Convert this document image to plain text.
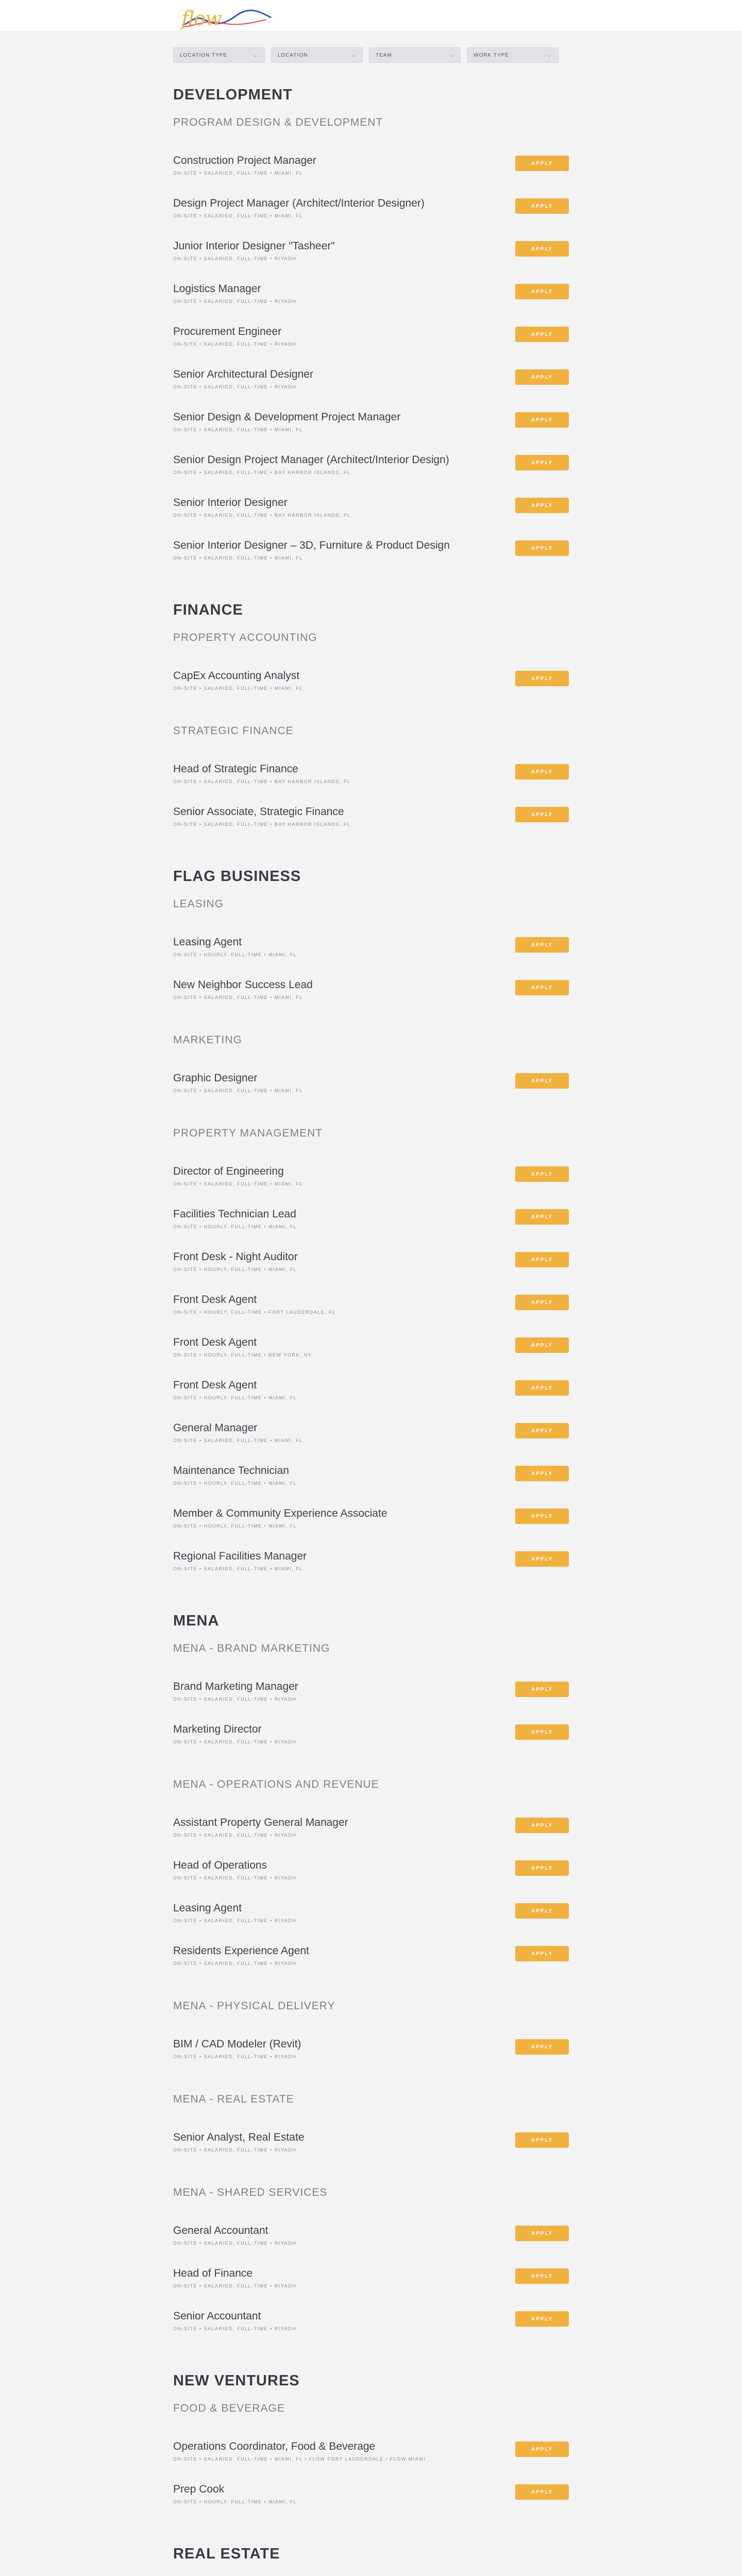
flow
LOCATION TYPE	⌄	LOCATION	⌄	TEAM	⌄	WORK TYPE	⌄
DEVELOPMENT
PROGRAM DESIGN & DEVELOPMENT
Construction Project Manager
ON-SITE • SALARIED, FULL-TIME • MIAMI, FL
APPLY
Design Project Manager (Architect/Interior Designer)
ON-SITE • SALARIED, FULL-TIME • MIAMI, FL
APPLY
Junior Interior Designer "Tasheer"
ON-SITE • SALARIED, FULL-TIME • RIYADH
APPLY
Logistics Manager
ON-SITE • SALARIED, FULL-TIME • RIYADH
APPLY
Procurement Engineer
ON-SITE • SALARIED, FULL-TIME • RIYADH
APPLY
Senior Architectural Designer
ON-SITE • SALARIED, FULL-TIME • RIYADH
APPLY
Senior Design & Development Project Manager
ON-SITE • SALARIED, FULL-TIME • MIAMI, FL
APPLY
Senior Design Project Manager (Architect/Interior Design)
ON-SITE • SALARIED, FULL-TIME • BAY HARBOR ISLANDS, FL
APPLY
Senior Interior Designer
ON-SITE • SALARIED, FULL-TIME • BAY HARBOR ISLANDS, FL
APPLY
Senior Interior Designer – 3D, Furniture & Product Design
ON-SITE • SALARIED, FULL-TIME • MIAMI, FL
APPLY
FINANCE
PROPERTY ACCOUNTING
CapEx Accounting Analyst
ON-SITE • SALARIED, FULL-TIME • MIAMI, FL
APPLY
STRATEGIC FINANCE
Head of Strategic Finance
ON-SITE • SALARIED, FULL-TIME • BAY HARBOR ISLANDS, FL
APPLY
Senior Associate, Strategic Finance
ON-SITE • SALARIED, FULL-TIME • BAY HARBOR ISLANDS, FL
APPLY
FLAG BUSINESS
LEASING
Leasing Agent
ON-SITE • HOURLY, FULL-TIME • MIAMI, FL
APPLY
New Neighbor Success Lead
ON-SITE • SALARIED, FULL-TIME • MIAMI, FL
APPLY
MARKETING
Graphic Designer
ON-SITE • SALARIED, FULL-TIME • MIAMI, FL
APPLY
PROPERTY MANAGEMENT
Director of Engineering
ON-SITE • SALARIED, FULL-TIME • MIAMI, FL
APPLY
Facilities Technician Lead
ON-SITE • HOURLY, FULL-TIME • MIAMI, FL
APPLY
Front Desk - Night Auditor
ON-SITE • HOURLY, FULL-TIME • MIAMI, FL
APPLY
Front Desk Agent
ON-SITE • HOURLY, FULL-TIME • FORT LAUDERDALE, FL
APPLY
Front Desk Agent
ON-SITE • HOURLY, FULL-TIME • NEW YORK, NY
APPLY
Front Desk Agent
ON-SITE • HOURLY, FULL-TIME • MIAMI, FL
APPLY
General Manager
ON-SITE • SALARIED, FULL-TIME • MIAMI, FL
APPLY
Maintenance Technician
ON-SITE • HOURLY, FULL-TIME • MIAMI, FL
APPLY
Member & Community Experience Associate
ON-SITE • HOURLY, FULL-TIME • MIAMI, FL
APPLY
Regional Facilities Manager
ON-SITE • SALARIED, FULL-TIME • MIAMI, FL
APPLY
MENA
MENA - BRAND MARKETING
Brand Marketing Manager
ON-SITE • SALARIED, FULL-TIME • RIYADH
APPLY
Marketing Director
ON-SITE • SALARIED, FULL-TIME • RIYADH
APPLY
MENA - OPERATIONS AND REVENUE
Assistant Property General Manager
ON-SITE • SALARIED, FULL-TIME • RIYADH
APPLY
Head of Operations
ON-SITE • SALARIED, FULL-TIME • RIYADH
APPLY
Leasing Agent
ON-SITE • SALARIED, FULL-TIME • RIYADH
APPLY
Residents Experience Agent
ON-SITE • SALARIED, FULL-TIME • RIYADH
APPLY
MENA - PHYSICAL DELIVERY
BIM / CAD Modeler (Revit)
ON-SITE • SALARIED, FULL-TIME • RIYADH
APPLY
MENA - REAL ESTATE
Senior Analyst, Real Estate
ON-SITE • SALARIED, FULL-TIME • RIYADH
APPLY
MENA - SHARED SERVICES
General Accountant
ON-SITE • SALARIED, FULL-TIME • RIYADH
APPLY
Head of Finance
ON-SITE • SALARIED, FULL-TIME • RIYADH
APPLY
Senior Accountant
ON-SITE • SALARIED, FULL-TIME • RIYADH
APPLY
NEW VENTURES
FOOD & BEVERAGE
Operations Coordinator, Food & Beverage
ON-SITE • SALARIED, FULL-TIME • MIAMI, FL / FLOW FORT LAUDERDALE / FLOW MIAMI
APPLY
Prep Cook
ON-SITE • HOURLY, FULL-TIME • MIAMI, FL
APPLY
REAL ESTATE
